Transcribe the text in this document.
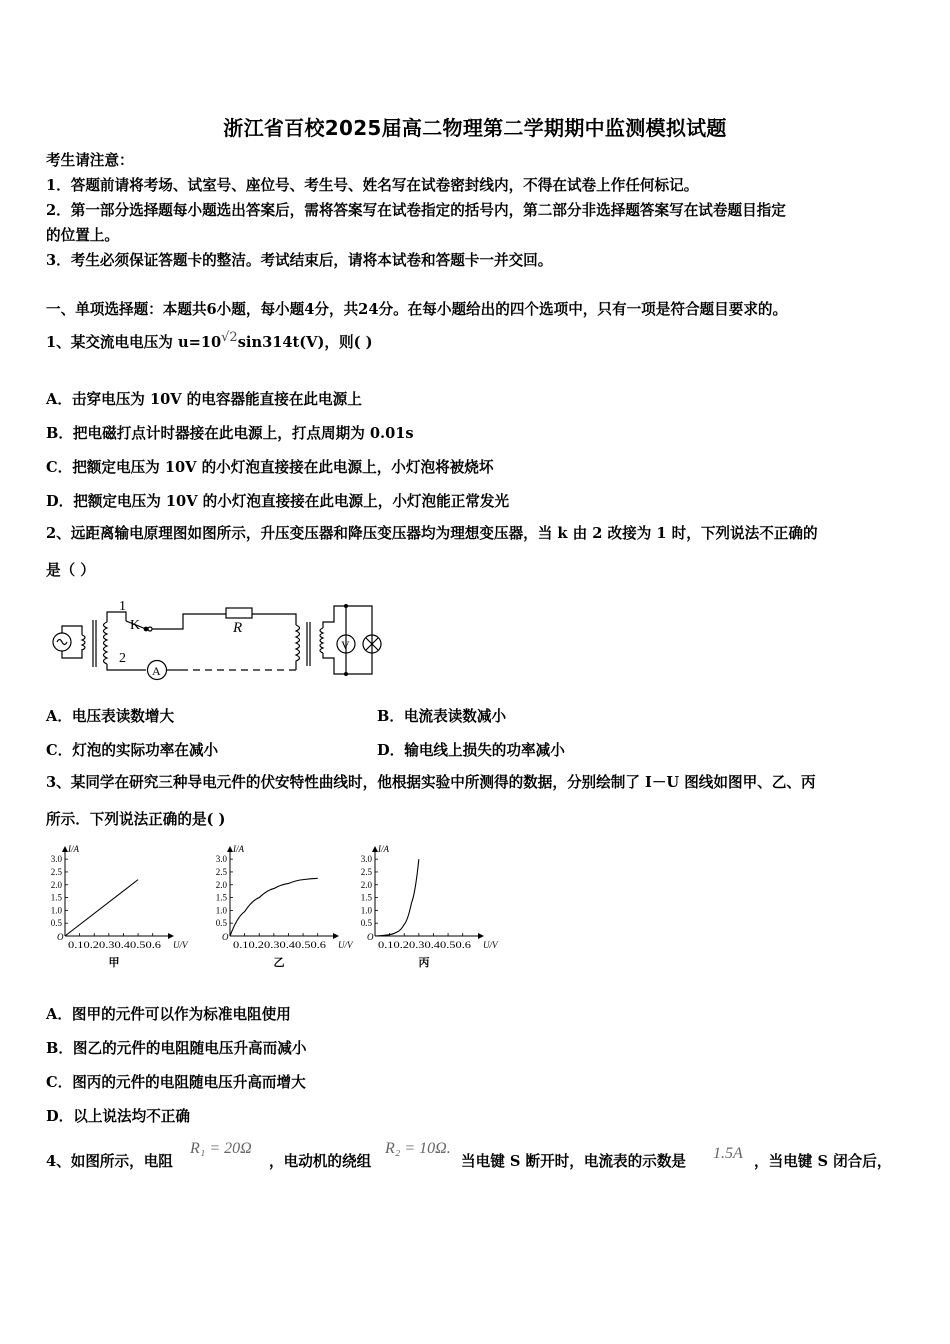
浙江省百校2025届高二物理第二学期期中监测模拟试题
考生请注意：
1．答题前请将考场、试室号、座位号、考生号、姓名写在试卷密封线内，不得在试卷上作任何标记。
2．第一部分选择题每小题选出答案后，需将答案写在试卷指定的括号内，第二部分非选择题答案写在试卷题目指定
的位置上。
3．考生必须保证答题卡的整洁。考试结束后，请将本试卷和答题卡一并交回。
一、单项选择题：本题共6小题，每小题4分，共24分。在每小题给出的四个选项中，只有一项是符合题目要求的。
1、某交流电电压为 u=10√2sin314t(V)，则( )
A．击穿电压为 10V 的电容器能直接在此电源上
B．把电磁打点计时器接在此电源上，打点周期为 0.01s
C．把额定电压为 10V 的小灯泡直接接在此电源上，小灯泡将被烧坏
D．把额定电压为 10V 的小灯泡直接接在此电源上，小灯泡能正常发光
2、远距离输电原理图如图所示，升压变压器和降压变压器均为理想变压器，当 k 由 2 改接为 1 时，下列说法不正确的
是（ ）
1
K
2
R
A
V
A．电压表读数增大	B．电流表读数减小
C．灯泡的实际功率在减小	D．输电线上损失的功率减小
3、某同学在研究三种导电元件的伏安特性曲线时，他根据实验中所测得的数据，分别绘制了 I－U 图线如图甲、乙、丙
所示．下列说法正确的是( )
I/A
U/V
O
0.5
1.0
1.5
2.0
2.5
3.0
0.10.20.30.40.50.6
甲
I/A
U/V
O
0.5
1.0
1.5
2.0
2.5
3.0
0.10.20.30.40.50.6
乙
I/A
U/V
O
0.5
1.0
1.5
2.0
2.5
3.0
0.10.20.30.40.50.6
丙
A．图甲的元件可以作为标准电阻使用
B．图乙的元件的电阻随电压升高而减小
C．图丙的元件的电阻随电压升高而增大
D．以上说法均不正确
4、如图所示，电阻
R₁ = 20Ω
，电动机的绕组
R₂ = 10Ω.
当电键 S 断开时，电流表的示数是 1.5A ，当电键 S 闭合后，
